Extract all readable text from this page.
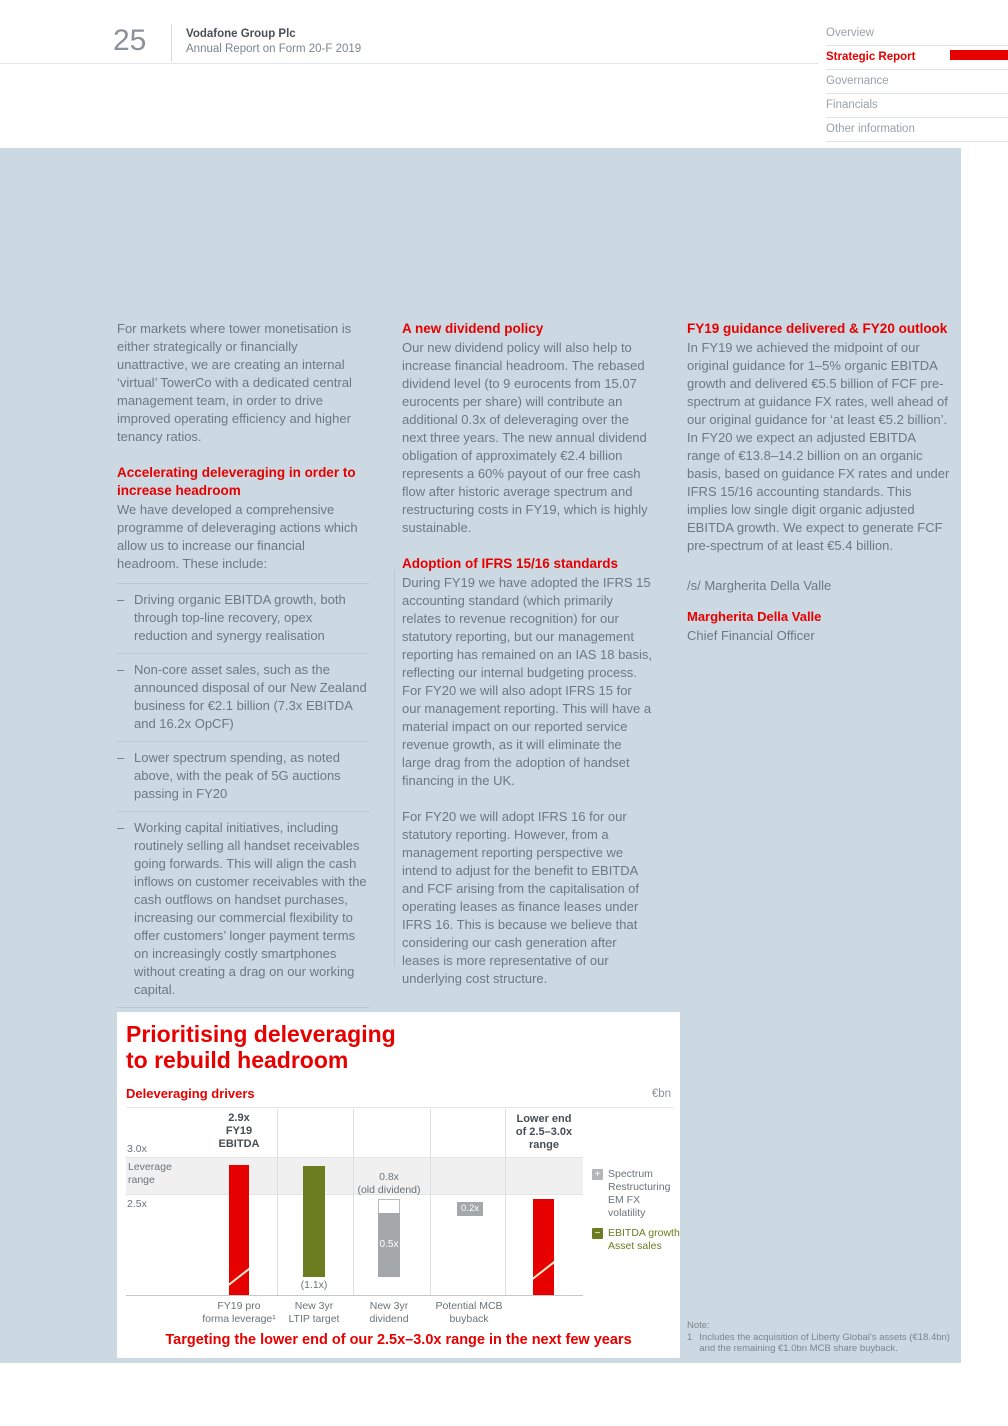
25	Vodafone Group Plc
Annual Report on Form 20-F 2019
Overview
Strategic Report
Governance
Financials
Other information

For markets where tower monetisation is either strategically or financially unattractive, we are creating an internal ‘virtual’ TowerCo with a dedicated central management team, in order to drive improved operating efficiency and higher tenancy ratios.

Accelerating deleveraging in order to increase headroom

We have developed a comprehensive programme of deleveraging actions which allow us to increase our financial headroom. These include:

– Driving organic EBITDA growth, both through top-line recovery, opex reduction and synergy realisation
– Non-core asset sales, such as the announced disposal of our New Zealand business for €2.1 billion (7.3x EBITDA and 16.2x OpCF)
– Lower spectrum spending, as noted above, with the peak of 5G auctions passing in FY20
– Working capital initiatives, including routinely selling all handset receivables going forwards. This will align the cash inflows on customer receivables with the cash outflows on handset purchases, increasing our commercial flexibility to offer customers’ longer payment terms on increasingly costly smartphones without creating a drag on our working capital.
A new dividend policy

Our new dividend policy will also help to increase financial headroom. The rebased dividend level (to 9 eurocents from 15.07 eurocents per share) will contribute an additional 0.3x of deleveraging over the next three years. The new annual dividend obligation of approximately €2.4 billion represents a 60% payout of our free cash flow after historic average spectrum and restructuring costs in FY19, which is highly sustainable.

Adoption of IFRS 15/16 standards

During FY19 we have adopted the IFRS 15 accounting standard (which primarily relates to revenue recognition) for our statutory reporting, but our management reporting has remained on an IAS 18 basis, reflecting our internal budgeting process. For FY20 we will also adopt IFRS 15 for our management reporting. This will have a material impact on our reported service revenue growth, as it will eliminate the large drag from the adoption of handset financing in the UK.

For FY20 we will adopt IFRS 16 for our statutory reporting. However, from a management reporting perspective we intend to adjust for the benefit to EBITDA and FCF arising from the capitalisation of operating leases as finance leases under IFRS 16. This is because we believe that considering our cash generation after leases is more representative of our underlying cost structure.

FY19 guidance delivered & FY20 outlook

In FY19 we achieved the midpoint of our original guidance for 1–5% organic EBITDA growth and delivered €5.5 billion of FCF pre-spectrum at guidance FX rates, well ahead of our original guidance for ‘at least €5.2 billion’. In FY20 we expect an adjusted EBITDA range of €13.8–14.2 billion on an organic basis, based on guidance FX rates and under IFRS 15/16 accounting standards. This implies low single digit organic adjusted EBITDA growth. We expect to generate FCF pre-spectrum of at least €5.4 billion.

/s/ Margherita Della Valle
Margherita Della Valle
Chief Financial Officer
Prioritising deleveraging
to rebuild headroom
Deleveraging drivers	€bn
3.0x
Leverage
range
2.5x
2.9x
FY19
EBITDA
(1.1x)
0.8x
(old dividend)
0.5x
0.2x
Lower end
of 2.5–3.0x
range
FY19 pro
forma leverage¹
New 3yr
LTIP target
New 3yr
dividend
Potential MCB
buyback
+ Spectrum
Restructuring
EM FX volatility
− EBITDA growth
Asset sales
Targeting the lower end of our 2.5x–3.0x range in the next few years
Note:
1 Includes the acquisition of Liberty Global’s assets (€18.4bn) and the remaining €1.0bn MCB share buyback.
